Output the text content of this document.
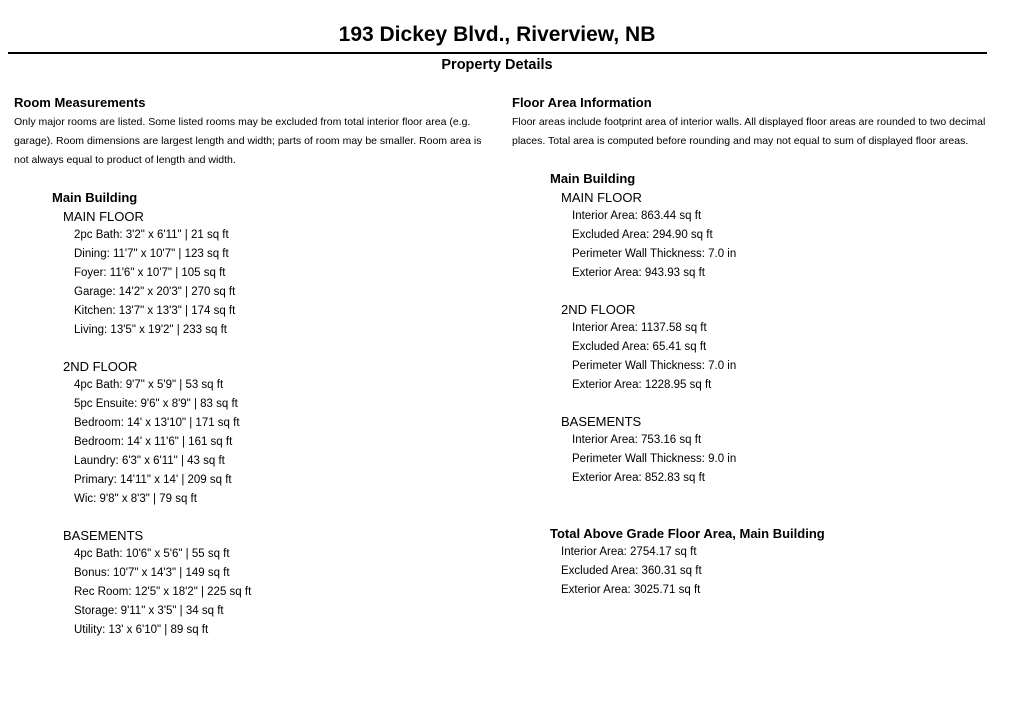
193 Dickey Blvd., Riverview, NB
Property Details
Room Measurements
Only major rooms are listed. Some listed rooms may be excluded from total interior floor area (e.g. garage). Room dimensions are largest length and width; parts of room may be smaller. Room area is not always equal to product of length and width.
Main Building
MAIN FLOOR
2pc Bath: 3'2" x 6'11" | 21 sq ft
Dining: 11'7" x 10'7" | 123 sq ft
Foyer: 11'6" x 10'7" | 105 sq ft
Garage: 14'2" x 20'3" | 270 sq ft
Kitchen: 13'7" x 13'3" | 174 sq ft
Living: 13'5" x 19'2" | 233 sq ft
2ND FLOOR
4pc Bath: 9'7" x 5'9" | 53 sq ft
5pc Ensuite: 9'6" x 8'9" | 83 sq ft
Bedroom: 14' x 13'10" | 171 sq ft
Bedroom: 14' x 11'6" | 161 sq ft
Laundry: 6'3" x 6'11" | 43 sq ft
Primary: 14'11" x 14' | 209 sq ft
Wic: 9'8" x 8'3" | 79 sq ft
BASEMENTS
4pc Bath: 10'6" x 5'6" | 55 sq ft
Bonus: 10'7" x 14'3" | 149 sq ft
Rec Room: 12'5" x 18'2" | 225 sq ft
Storage: 9'11" x 3'5" | 34 sq ft
Utility: 13' x 6'10" | 89 sq ft
Floor Area Information
Floor areas include footprint area of interior walls. All displayed floor areas are rounded to two decimal places. Total area is computed before rounding and may not equal to sum of displayed floor areas.
Main Building
MAIN FLOOR
Interior Area: 863.44 sq ft
Excluded Area: 294.90 sq ft
Perimeter Wall Thickness: 7.0 in
Exterior Area: 943.93 sq ft
2ND FLOOR
Interior Area: 1137.58 sq ft
Excluded Area: 65.41 sq ft
Perimeter Wall Thickness: 7.0 in
Exterior Area: 1228.95 sq ft
BASEMENTS
Interior Area: 753.16 sq ft
Perimeter Wall Thickness: 9.0 in
Exterior Area: 852.83 sq ft
Total Above Grade Floor Area, Main Building
Interior Area: 2754.17 sq ft
Excluded Area: 360.31 sq ft
Exterior Area: 3025.71 sq ft
